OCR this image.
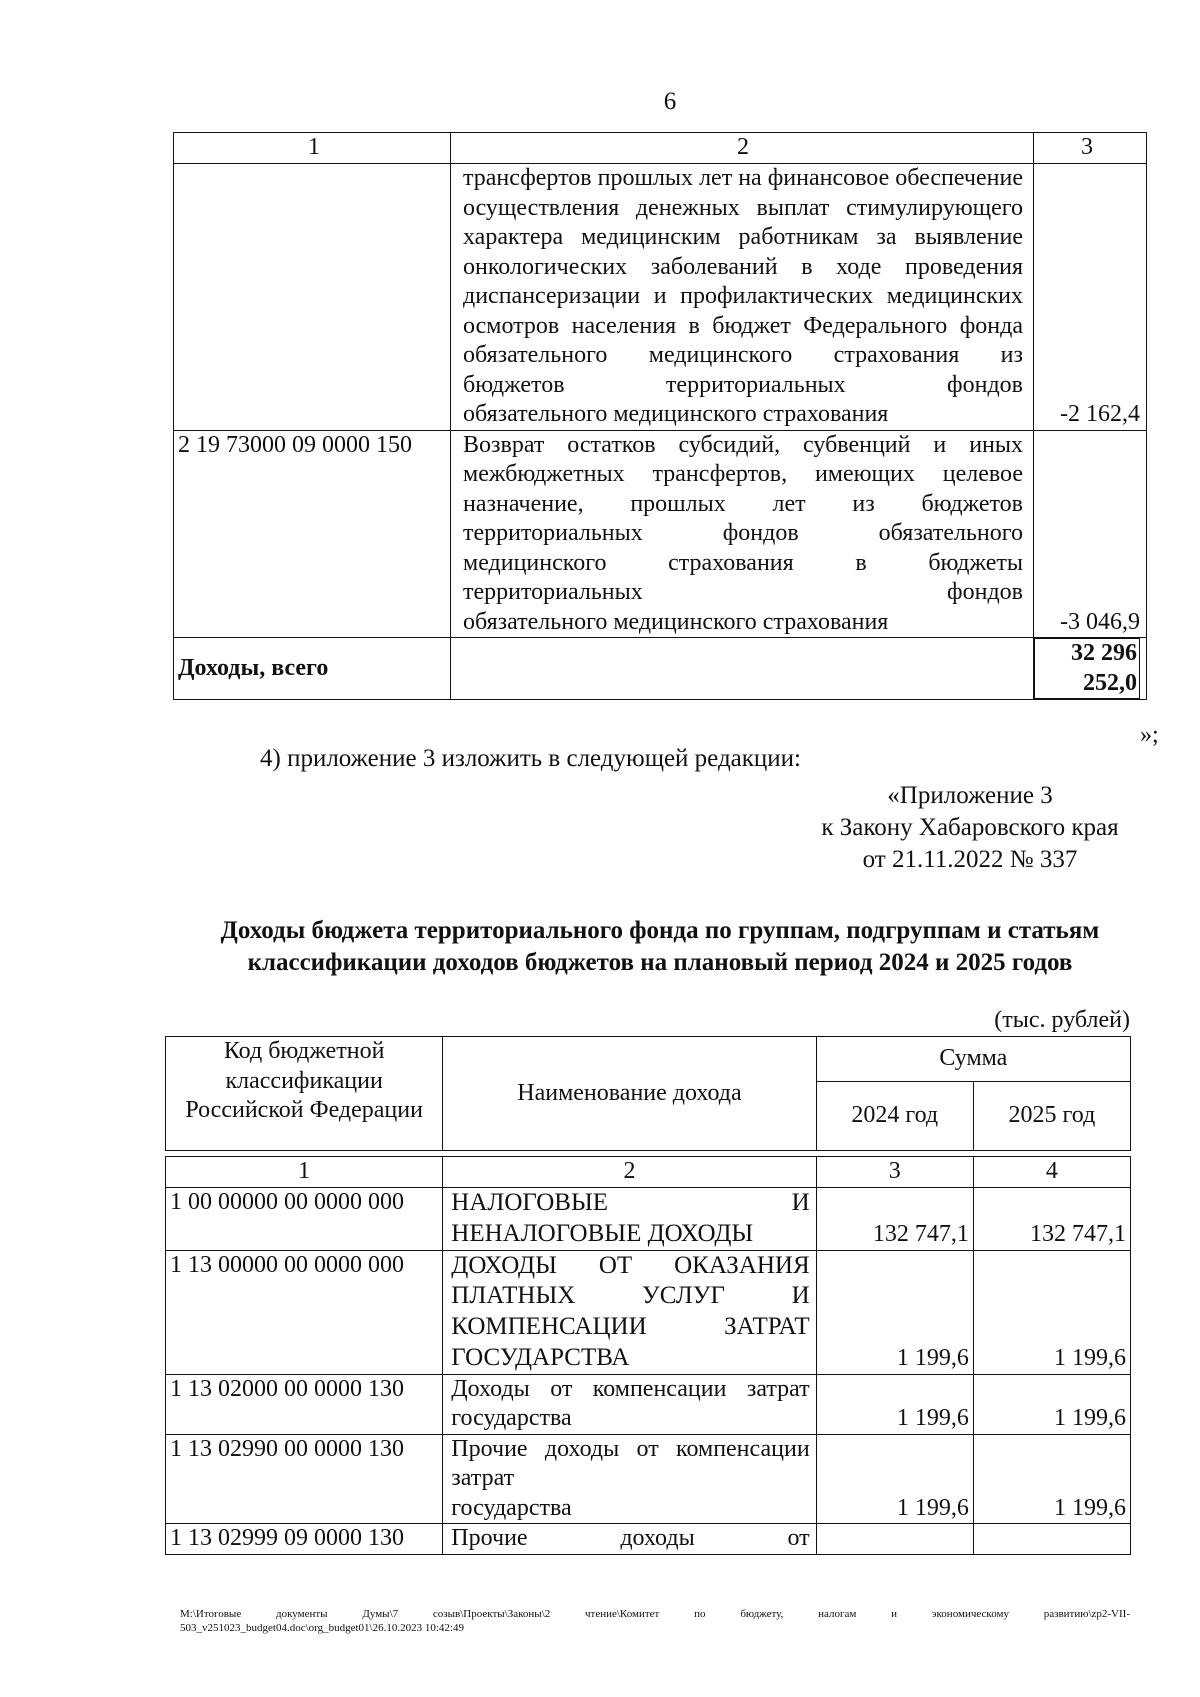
6
1	2	3
	трансфертов прошлых лет на финансовое обеспечение осуществления денежных выплат стимулирующего характера медицинским работникам за выявление онкологических заболеваний в ходе проведения диспансеризации и профилактических медицинских осмотров населения в бюджет Федерального фонда обязательного медицинского страхования из бюджетов территориальных фондов
обязательного медицинского страхования	-2 162,4
2 19 73000 09 0000 150	Возврат остатков субсидий, субвенций и иных межбюджетных трансфертов, имеющих целевое назначение, прошлых лет из бюджетов территориальных фондов обязательного медицинского страхования в бюджеты территориальных фондов
обязательного медицинского страхования	-3 046,9
Доходы, всего		32 296 252,0
»;
4) приложение 3 изложить в следующей редакции:
«Приложение 3
к Закону Хабаровского края
от 21.11.2022 № 337
Доходы бюджета территориального фонда по группам, подгруппам и статьям
классификации доходов бюджетов на плановый период 2024 и 2025 годов
(тыс. рублей)
Код бюджетной классификации Российской Федерации	Наименование дохода	Сумма	
		2024 год	2025 год

1	2	3	4
1 00 00000 00 0000 000	НАЛОГОВЫЕ И
НЕНАЛОГОВЫЕ ДОХОДЫ	132 747,1	132 747,1
1 13 00000 00 0000 000	ДОХОДЫ ОТ ОКАЗАНИЯ ПЛАТНЫХ УСЛУГ И КОМПЕНСАЦИИ ЗАТРАТ
ГОСУДАРСТВА	1 199,6	1 199,6
1 13 02000 00 0000 130	Доходы от компенсации затрат
государства	1 199,6	1 199,6
1 13 02990 00 0000 130	Прочие доходы от компенсации затрат
государства	1 199,6	1 199,6
1 13 02999 09 0000 130	Прочие доходы от		
M:\Итоговые документы Думы\7 созыв\Проекты\Законы\2 чтение\Комитет по бюджету, налогам и экономическому развитию\zp2-VII-
503_v251023_budget04.doc\org_budget01\26.10.2023 10:42:49
